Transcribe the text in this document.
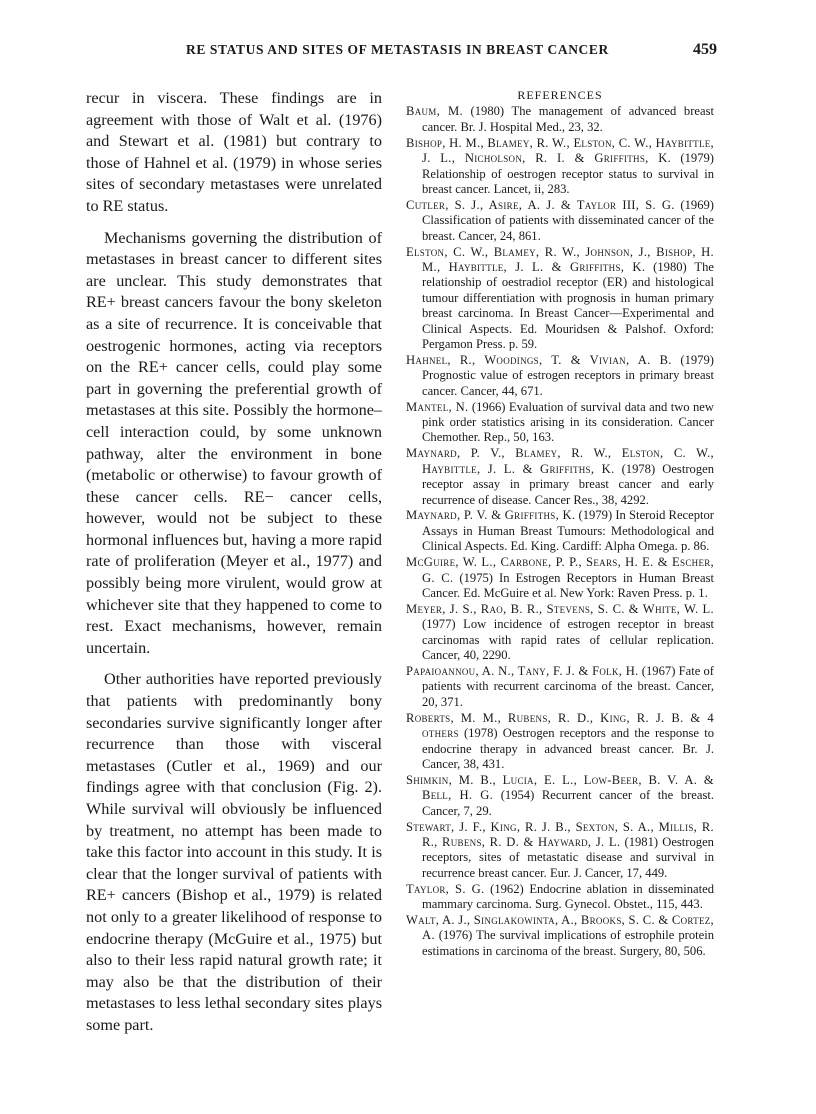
RE STATUS AND SITES OF METASTASIS IN BREAST CANCER	459

recur in viscera. These findings are in agreement with those of Walt et al. (1976) and Stewart et al. (1981) but contrary to those of Hahnel et al. (1979) in whose series sites of secondary metastases were unrelated to RE status.

Mechanisms governing the distribution of metastases in breast cancer to different sites are unclear. This study demonstrates that RE+ breast cancers favour the bony skeleton as a site of recurrence. It is conceivable that oestrogenic hormones, acting via receptors on the RE+ cancer cells, could play some part in governing the preferential growth of metastases at this site. Possibly the hormone–cell interaction could, by some unknown pathway, alter the environment in bone (metabolic or otherwise) to favour growth of these cancer cells. RE− cancer cells, however, would not be subject to these hormonal influences but, having a more rapid rate of proliferation (Meyer et al., 1977) and possibly being more virulent, would grow at whichever site that they happened to come to rest. Exact mechanisms, however, remain uncertain.

Other authorities have reported previously that patients with predominantly bony secondaries survive significantly longer after recurrence than those with visceral metastases (Cutler et al., 1969) and our findings agree with that conclusion (Fig. 2). While survival will obviously be influenced by treatment, no attempt has been made to take this factor into account in this study. It is clear that the longer survival of patients with RE+ cancers (Bishop et al., 1979) is related not only to a greater likelihood of response to endocrine therapy (McGuire et al., 1975) but also to their less rapid natural growth rate; it may also be that the distribution of their metastases to less lethal secondary sites plays some part.

REFERENCES
Baum, M. (1980) The management of advanced breast cancer. Br. J. Hospital Med., 23, 32.
Bishop, H. M., Blamey, R. W., Elston, C. W., Haybittle, J. L., Nicholson, R. I. & Griffiths, K. (1979) Relationship of oestrogen receptor status to survival in breast cancer. Lancet, ii, 283.
Cutler, S. J., Asire, A. J. & Taylor III, S. G. (1969) Classification of patients with disseminated cancer of the breast. Cancer, 24, 861.
Elston, C. W., Blamey, R. W., Johnson, J., Bishop, H. M., Haybittle, J. L. & Griffiths, K. (1980) The relationship of oestradiol receptor (ER) and histological tumour differentiation with prognosis in human primary breast carcinoma. In Breast Cancer—Experimental and Clinical Aspects. Ed. Mouridsen & Palshof. Oxford: Pergamon Press. p. 59.
Hahnel, R., Woodings, T. & Vivian, A. B. (1979) Prognostic value of estrogen receptors in primary breast cancer. Cancer, 44, 671.
Mantel, N. (1966) Evaluation of survival data and two new pink order statistics arising in its consideration. Cancer Chemother. Rep., 50, 163.
Maynard, P. V., Blamey, R. W., Elston, C. W., Haybittle, J. L. & Griffiths, K. (1978) Oestrogen receptor assay in primary breast cancer and early recurrence of disease. Cancer Res., 38, 4292.
Maynard, P. V. & Griffiths, K. (1979) In Steroid Receptor Assays in Human Breast Tumours: Methodological and Clinical Aspects. Ed. King. Cardiff: Alpha Omega. p. 86.
McGuire, W. L., Carbone, P. P., Sears, H. E. & Escher, G. C. (1975) In Estrogen Receptors in Human Breast Cancer. Ed. McGuire et al. New York: Raven Press. p. 1.
Meyer, J. S., Rao, B. R., Stevens, S. C. & White, W. L. (1977) Low incidence of estrogen receptor in breast carcinomas with rapid rates of cellular replication. Cancer, 40, 2290.
Papaioannou, A. N., Tany, F. J. & Folk, H. (1967) Fate of patients with recurrent carcinoma of the breast. Cancer, 20, 371.
Roberts, M. M., Rubens, R. D., King, R. J. B. & 4 others (1978) Oestrogen receptors and the response to endocrine therapy in advanced breast cancer. Br. J. Cancer, 38, 431.
Shimkin, M. B., Lucia, E. L., Low-Beer, B. V. A. & Bell, H. G. (1954) Recurrent cancer of the breast. Cancer, 7, 29.
Stewart, J. F., King, R. J. B., Sexton, S. A., Millis, R. R., Rubens, R. D. & Hayward, J. L. (1981) Oestrogen receptors, sites of metastatic disease and survival in recurrence breast cancer. Eur. J. Cancer, 17, 449.
Taylor, S. G. (1962) Endocrine ablation in disseminated mammary carcinoma. Surg. Gynecol. Obstet., 115, 443.
Walt, A. J., Singlakowinta, A., Brooks, S. C. & Cortez, A. (1976) The survival implications of estrophile protein estimations in carcinoma of the breast. Surgery, 80, 506.
